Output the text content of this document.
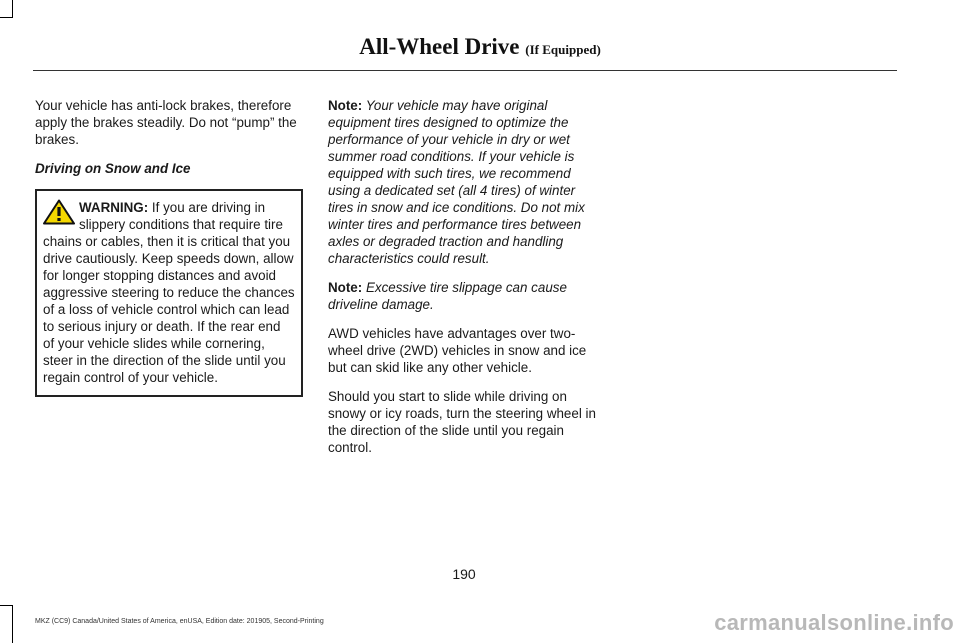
All-Wheel Drive (If Equipped)

Your vehicle has anti-lock brakes, therefore apply the brakes steadily. Do not “pump” the brakes.

Driving on Snow and Ice

WARNING: If you are driving in slippery conditions that require tire chains or cables, then it is critical that you drive cautiously. Keep speeds down, allow for longer stopping distances and avoid aggressive steering to reduce the chances of a loss of vehicle control which can lead to serious injury or death. If the rear end of your vehicle slides while cornering, steer in the direction of the slide until you regain control of your vehicle.

Note: Your vehicle may have original equipment tires designed to optimize the performance of your vehicle in dry or wet summer road conditions. If your vehicle is equipped with such tires, we recommend using a dedicated set (all 4 tires) of winter tires in snow and ice conditions. Do not mix winter tires and performance tires between axles or degraded traction and handling characteristics could result.

Note: Excessive tire slippage can cause driveline damage.

AWD vehicles have advantages over two-wheel drive (2WD) vehicles in snow and ice but can skid like any other vehicle.

Should you start to slide while driving on snowy or icy roads, turn the steering wheel in the direction of the slide until you regain control.

190
MKZ (CC9) Canada/United States of America, enUSA, Edition date: 201905, Second-Printing	carmanualsonline.info
